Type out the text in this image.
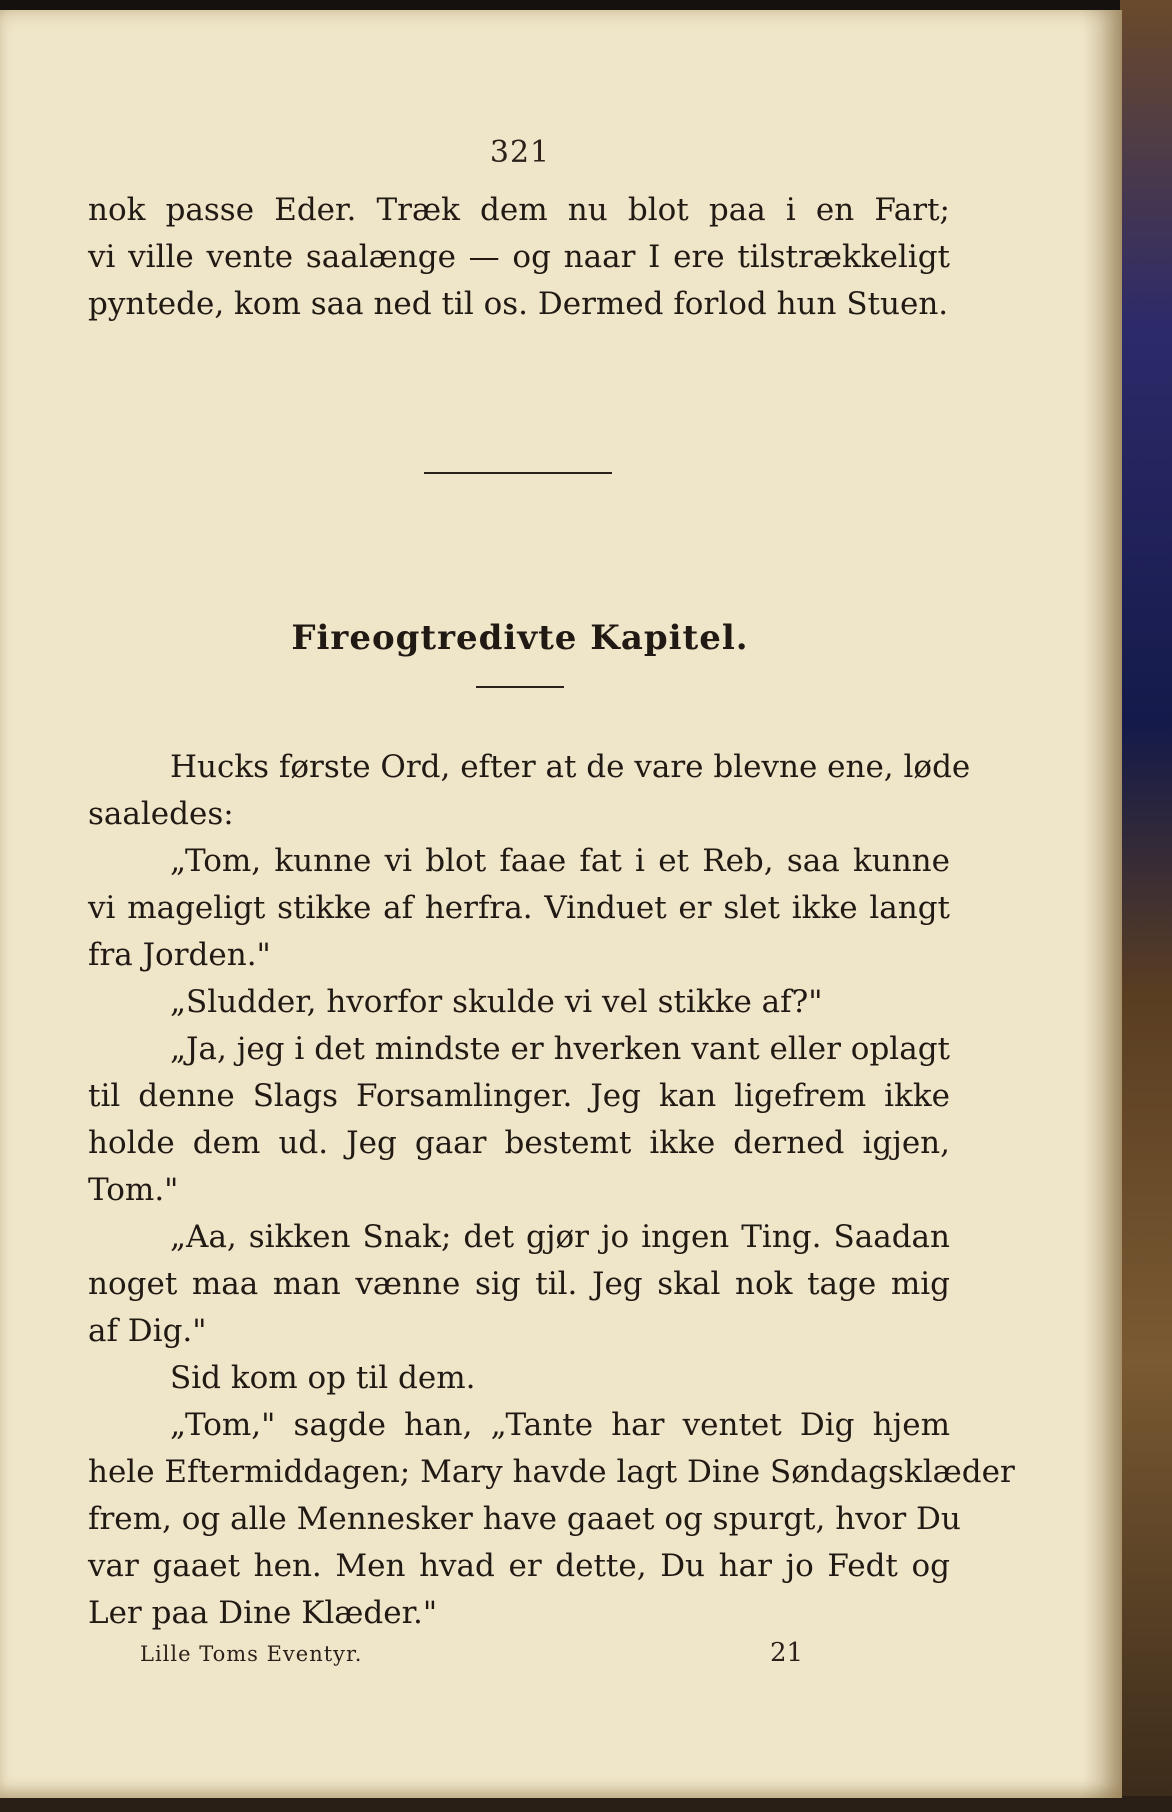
321
nok passe Eder. Træk dem nu blot paa i en Fart;
vi ville vente saalænge — og naar I ere tilstrækkeligt
pyntede, kom saa ned til os. Dermed forlod hun Stuen.
Fireogtredivte Kapitel.
Hucks første Ord, efter at de vare blevne ene, løde
saaledes:
„Tom, kunne vi blot faae fat i et Reb, saa kunne
vi mageligt stikke af herfra. Vinduet er slet ikke langt
fra Jorden."
„Sludder, hvorfor skulde vi vel stikke af?"
„Ja, jeg i det mindste er hverken vant eller oplagt
til denne Slags Forsamlinger. Jeg kan ligefrem ikke
holde dem ud. Jeg gaar bestemt ikke derned igjen,
Tom."
„Aa, sikken Snak; det gjør jo ingen Ting. Saadan
noget maa man vænne sig til. Jeg skal nok tage mig
af Dig."
Sid kom op til dem.
„Tom," sagde han, „Tante har ventet Dig hjem
hele Eftermiddagen; Mary havde lagt Dine Søndagsklæder
frem, og alle Mennesker have gaaet og spurgt, hvor Du
var gaaet hen. Men hvad er dette, Du har jo Fedt og
Ler paa Dine Klæder."
Lille Toms Eventyr.	21
